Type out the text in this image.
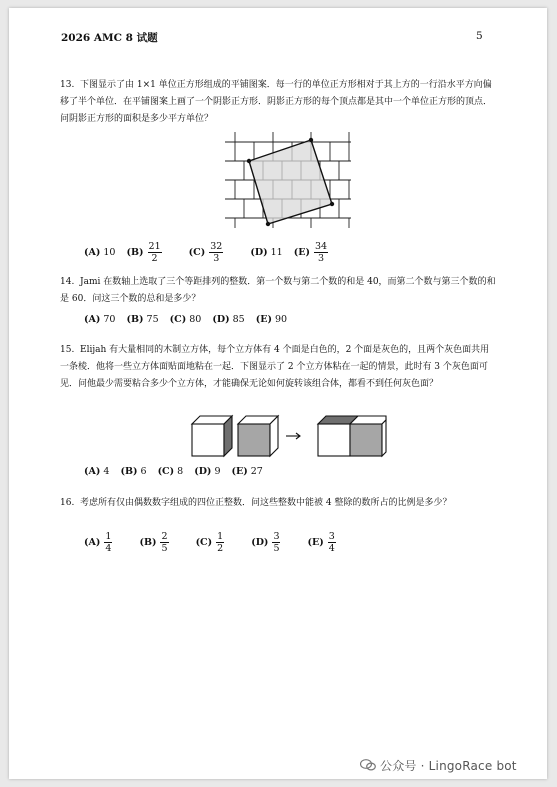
2026 AMC 8 试题	5
13. 下图显示了由 1×1 单位正方形组成的平铺图案．每一行的单位正方形相对于其上方的一行沿水平方向偏移了半个单位．在平铺图案上画了一个阴影正方形．阴影正方形的每个顶点都是其中一个单位正方形的顶点．问阴影正方形的面积是多少平方单位？
(A) 10 $(B) \frac{21}{2} (C) \frac{32}{3} (D)$ 11 $(E) \frac{34}{3}$
14. Jami 在数轴上选取了三个等距排列的整数．第一个数与第二个数的和是 40，而第二个数与第三个数的和是 60．问这三个数的总和是多少？
(A) 70 (B) 75 (C) 80 (D) 85 (E) 90
15. Elijah 有大量相同的木制立方体，每个立方体有 4 个面是白色的，2 个面是灰色的，且两个灰色面共用一条棱．他将一些立方体面贴面地粘在一起．下图显示了 2 个立方体粘在一起的情景，此时有 3 个灰色面可见．问他最少需要粘合多少个立方体，才能确保无论如何旋转该组合体，都看不到任何灰色面？
(A) 4 (B) 6 (C) 8 (D) 9 (E) 27
16. 考虑所有仅由偶数数字组成的四位正整数．问这些整数中能被 4 整除的数所占的比例是多少？
$(A) \frac{1}{4} (B) \frac{2}{5} (C) \frac{1}{2} (D) \frac{3}{5} (E) \frac{3}{4}$
公众号 · LingoRace bot
